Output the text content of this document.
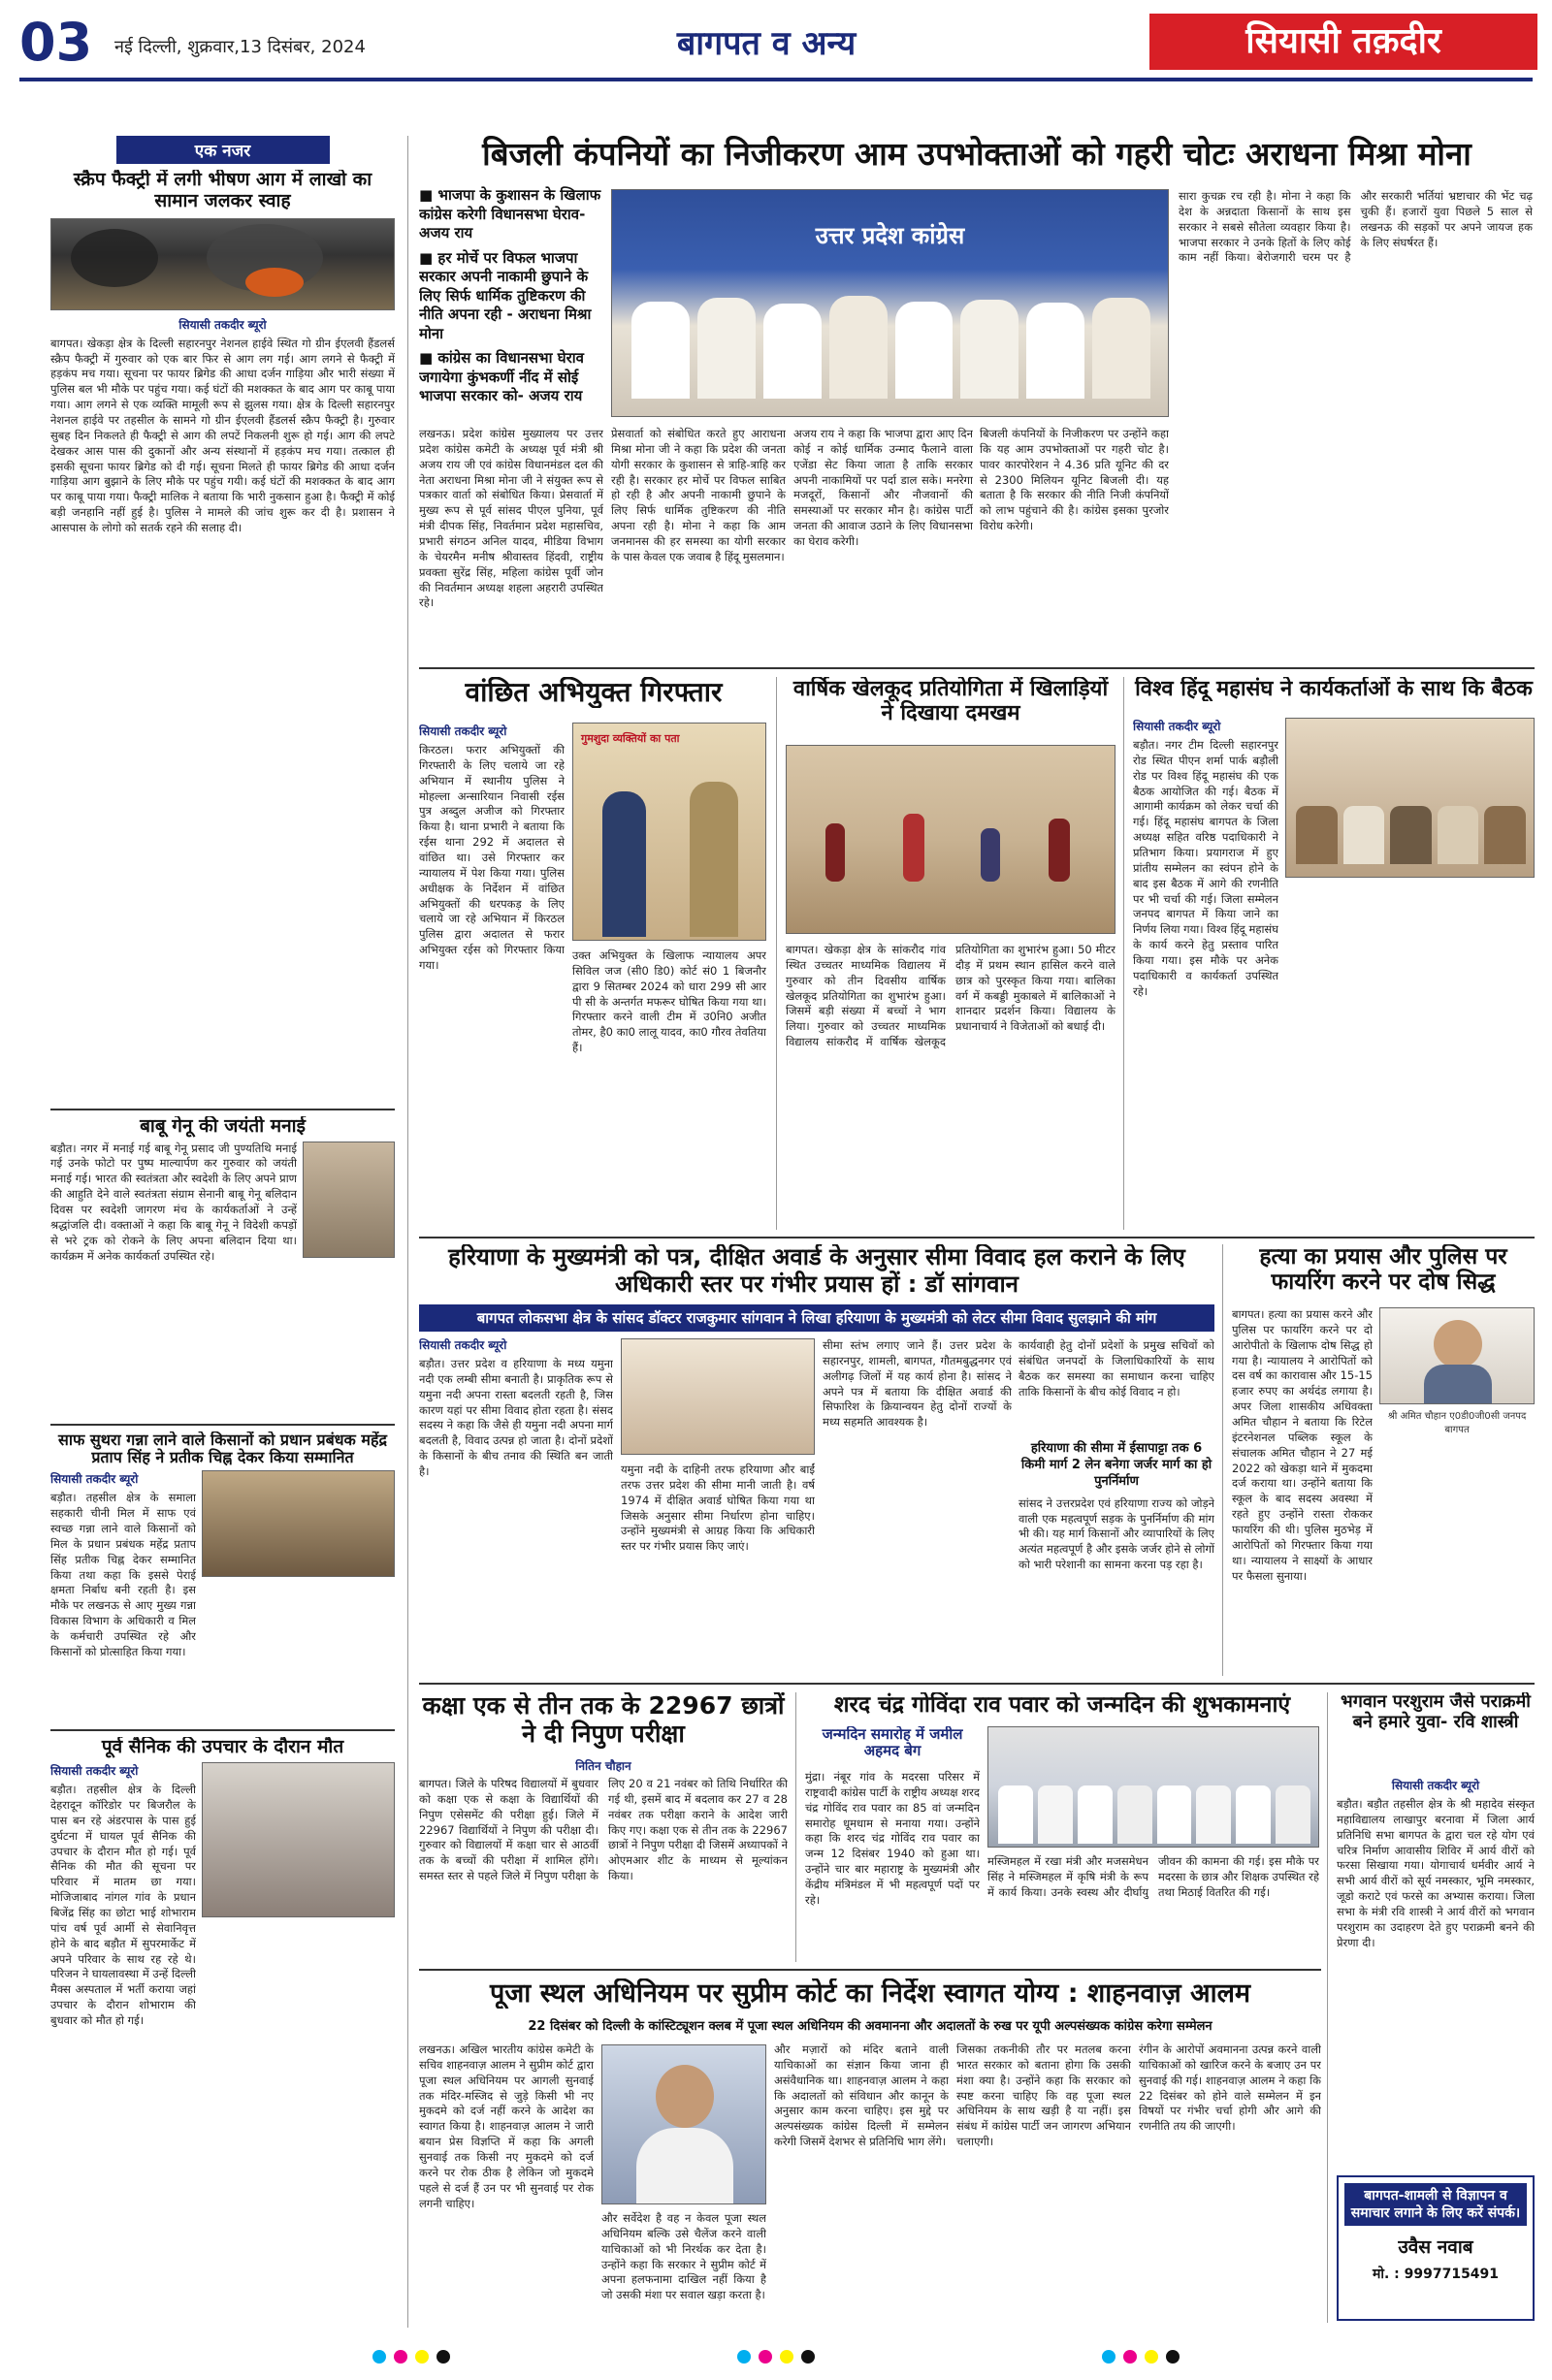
03	नई दिल्ली, शुक्रवार,13 दिसंबर, 2024	बागपत व अन्य	सियासी तक़दीर
एक नजर
स्क्रैप फैक्ट्री में लगी भीषण आग में लाखो का सामान जलकर स्वाह
सियासी तकदीर ब्यूरो
बागपत। खेकड़ा क्षेत्र के दिल्ली सहारनपुर नेशनल हाईवे स्थित गो ग्रीन ईएलवी हैंडलर्स स्क्रैप फैक्ट्री में गुरुवार को एक बार फिर से आग लग गई। आग लगने से फैक्ट्री में हड़कंप मच गया। सूचना पर फायर ब्रिगेड की आधा दर्जन गाड़िया और भारी संख्या में पुलिस बल भी मौके पर पहुंच गया। कई घंटों की मशक्कत के बाद आग पर काबू पाया गया। आग लगने से एक व्यक्ति मामूली रूप से झुलस गया। क्षेत्र के दिल्ली सहारनपुर नेशनल हाईवे पर तहसील के सामने गो ग्रीन ईएलवी हैंडलर्स स्क्रैप फैक्ट्री है। गुरुवार सुबह दिन निकलते ही फैक्ट्री से आग की लपटें निकलनी शुरू हो गई। आग की लपटे देखकर आस पास की दुकानों और अन्य संस्थानों में हड़कंप मच गया। तत्काल ही इसकी सूचना फायर ब्रिगेड को दी गई। सूचना मिलते ही फायर ब्रिगेड की आधा दर्जन गाड़िया आग बुझाने के लिए मौके पर पहुंच गयी। कई घंटों की मशक्कत के बाद आग पर काबू पाया गया। फैक्ट्री मालिक ने बताया कि भारी नुकसान हुआ है। फैक्ट्री में कोई बड़ी जनहानि नहीं हुई है। पुलिस ने मामले की जांच शुरू कर दी है। प्रशासन ने आसपास के लोगो को सतर्क रहने की सलाह दी।
बाबू गेनू की जयंती मनाई
बड़ौत। नगर में मनाई गई बाबू गेनू प्रसाद जी पुण्यतिथि मनाई गई उनके फोटो पर पुष्प माल्यार्पण कर गुरुवार को जयंती मनाई गई। भारत की स्वतंत्रता और स्वदेशी के लिए अपने प्राण की आहुति देने वाले स्वतंत्रता संग्राम सेनानी बाबू गेनू बलिदान दिवस पर स्वदेशी जागरण मंच के कार्यकर्ताओं ने उन्हें श्रद्धांजलि दी। वक्ताओं ने कहा कि बाबू गेनू ने विदेशी कपड़ों से भरे ट्रक को रोकने के लिए अपना बलिदान दिया था। कार्यक्रम में अनेक कार्यकर्ता उपस्थित रहे।
साफ सुथरा गन्ना लाने वाले किसानों को प्रधान प्रबंधक महेंद्र प्रताप सिंह ने प्रतीक चिह्न देकर किया सम्मानित
सियासी तकदीर ब्यूरो
बड़ौत। तहसील क्षेत्र के समाला सहकारी चीनी मिल में साफ एवं स्वच्छ गन्ना लाने वाले किसानों को मिल के प्रधान प्रबंधक महेंद्र प्रताप सिंह प्रतीक चिह्न देकर सम्मानित किया तथा कहा कि इससे पेराई क्षमता निर्बाध बनी रहती है। इस मौके पर लखनऊ से आए मुख्य गन्ना विकास विभाग के अधिकारी व मिल के कर्मचारी उपस्थित रहे और किसानों को प्रोत्साहित किया गया।
पूर्व सैनिक की उपचार के दौरान मौत
सियासी तकदीर ब्यूरो
बड़ौत। तहसील क्षेत्र के दिल्ली देहरादून कॉरिडोर पर बिजरौल के पास बन रहे अंडरपास के पास हुई दुर्घटना में घायल पूर्व सैनिक की उपचार के दौरान मौत हो गई। पूर्व सैनिक की मौत की सूचना पर परिवार में मातम छा गया। मोजिजाबाद नांगल गांव के प्रधान बिजेंद्र सिंह का छोटा भाई शोभाराम पांच वर्ष पूर्व आर्मी से सेवानिवृत्त होने के बाद बड़ौत में सुपरमार्केट में अपने परिवार के साथ रह रहे थे। परिजन ने घायलावस्था में उन्हें दिल्ली मैक्स अस्पताल में भर्ती कराया जहां उपचार के दौरान शोभाराम की बुधवार को मौत हो गई।
बिजली कंपनियों का निजीकरण आम उपभोक्ताओं को गहरी चोटः अराधना मिश्रा मोना
■ भाजपा के कुशासन के खिलाफ कांग्रेस करेगी विधानसभा घेराव- अजय राय
■ हर मोर्चे पर विफल भाजपा सरकार अपनी नाकामी छुपाने के लिए सिर्फ धार्मिक तुष्टिकरण की नीति अपना रही - अराधना मिश्रा मोना
■ कांग्रेस का विधानसभा घेराव जगायेगा कुंभकर्णी नींद में सोई भाजपा सरकार को- अजय राय
उत्तर प्रदेश कांग्रेस
लखनऊ। प्रदेश कांग्रेस मुख्यालय पर उत्तर प्रदेश कांग्रेस कमेटी के अध्यक्ष पूर्व मंत्री श्री अजय राय जी एवं कांग्रेस विधानमंडल दल की नेता अराधना मिश्रा मोना जी ने संयुक्त रूप से पत्रकार वार्ता को संबोधित किया। प्रेसवार्ता में मुख्य रूप से पूर्व सांसद पीएल पुनिया, पूर्व मंत्री दीपक सिंह, निवर्तमान प्रदेश महासचिव, प्रभारी संगठन अनिल यादव, मीडिया विभाग के चेयरमैन मनीष श्रीवास्तव हिंदवी, राष्ट्रीय प्रवक्ता सुरेंद्र सिंह, महिला कांग्रेस पूर्वी जोन की निवर्तमान अध्यक्ष शहला अहरारी उपस्थित रहे।
प्रेसवार्ता को संबोधित करते हुए आराधना मिश्रा मोना जी ने कहा कि प्रदेश की जनता योगी सरकार के कुशासन से त्राहि-त्राहि कर रही है। सरकार हर मोर्चे पर विफल साबित हो रही है और अपनी नाकामी छुपाने के लिए सिर्फ धार्मिक तुष्टिकरण की नीति अपना रही है। मोना ने कहा कि आम जनमानस की हर समस्या का योगी सरकार के पास केवल एक जवाब है हिंदू मुसलमान।
अजय राय ने कहा कि भाजपा द्वारा आए दिन कोई न कोई धार्मिक उन्माद फैलाने वाला एजेंडा सेट किया जाता है ताकि सरकार अपनी नाकामियों पर पर्दा डाल सके। मनरेगा मजदूरों, किसानों और नौजवानों की समस्याओं पर सरकार मौन है। कांग्रेस पार्टी जनता की आवाज उठाने के लिए विधानसभा का घेराव करेगी।
बिजली कंपनियों के निजीकरण पर उन्होंने कहा कि यह आम उपभोक्ताओं पर गहरी चोट है। पावर कारपोरेशन ने 4.36 प्रति यूनिट की दर से 2300 मिलियन यूनिट बिजली दी। यह बताता है कि सरकार की नीति निजी कंपनियों को लाभ पहुंचाने की है। कांग्रेस इसका पुरजोर विरोध करेगी।
सारा कुचक्र रच रही है। मोना ने कहा कि देश के अन्नदाता किसानों के साथ इस सरकार ने सबसे सौतेला व्यवहार किया है। भाजपा सरकार ने उनके हितों के लिए कोई काम नहीं किया। बेरोजगारी चरम पर है और सरकारी भर्तियां भ्रष्टाचार की भेंट चढ़ चुकी हैं। हजारों युवा पिछले 5 साल से लखनऊ की सड़कों पर अपने जायज हक के लिए संघर्षरत हैं।
वांछित अभियुक्त गिरफ्तार
सियासी तकदीर ब्यूरो
किरठल। फरार अभियुक्तों की गिरफ्तारी के लिए चलाये जा रहे अभियान में स्थानीय पुलिस ने मोहल्ला अन्सारियान निवासी रईस पुत्र अब्दुल अजीज को गिरफ्तार किया है। थाना प्रभारी ने बताया कि रईस थाना 292 में अदालत से वांछित था। उसे गिरफ्तार कर न्यायालय में पेश किया गया। पुलिस अधीक्षक के निर्देशन में वांछित अभियुक्तों की धरपकड़ के लिए चलाये जा रहे अभियान में किरठल पुलिस द्वारा अदालत से फरार अभियुक्त रईस को गिरफ्तार किया गया।
गुमशुदा व्यक्तियों का पता
उक्त अभियुक्त के खिलाफ न्यायालय अपर सिविल जज (सी0 डि0) कोर्ट सं0 1 बिजनौर द्वारा 9 सितम्बर 2024 को धारा 299 सी आर पी सी के अन्तर्गत मफरूर घोषित किया गया था। गिरफ्तार करने वाली टीम में उ0नि0 अजीत तोमर, है0 का0 लालू यादव, का0 गौरव तेवतिया हैं।
वार्षिक खेलकूद प्रतियोगिता में खिलाड़ियों ने दिखाया दमखम
बागपत। खेकड़ा क्षेत्र के सांकरौद गांव स्थित उच्चतर माध्यमिक विद्यालय में गुरुवार को तीन दिवसीय वार्षिक खेलकूद प्रतियोगिता का शुभारंभ हुआ। जिसमें बड़ी संख्या में बच्चों ने भाग लिया। गुरुवार को उच्चतर माध्यमिक विद्यालय सांकरौद में वार्षिक खेलकूद प्रतियोगिता का शुभारंभ हुआ। 50 मीटर दौड़ में प्रथम स्थान हासिल करने वाले छात्र को पुरस्कृत किया गया। बालिका वर्ग में कबड्डी मुकाबले में बालिकाओं ने शानदार प्रदर्शन किया। विद्यालय के प्रधानाचार्य ने विजेताओं को बधाई दी।
विश्व हिंदू महासंघ ने कार्यकर्ताओं के साथ कि बैठक
सियासी तकदीर ब्यूरो
बड़ौत। नगर टीम दिल्ली सहारनपुर रोड स्थित पीएन शर्मा पार्क बड़ौली रोड पर विश्व हिंदू महासंघ की एक बैठक आयोजित की गई। बैठक में आगामी कार्यक्रम को लेकर चर्चा की गई। हिंदू महासंघ बागपत के जिला अध्यक्ष सहित वरिष्ठ पदाधिकारी ने प्रतिभाग किया। प्रयागराज में हुए प्रांतीय सम्मेलन का स्वंपन होने के बाद इस बैठक में आगे की रणनीति पर भी चर्चा की गई। जिला सम्मेलन जनपद बागपत में किया जाने का निर्णय लिया गया। विश्व हिंदू महासंघ के कार्य करने हेतु प्रस्ताव पारित किया गया। इस मौके पर अनेक पदाधिकारी व कार्यकर्ता उपस्थित रहे।
हरियाणा के मुख्यमंत्री को पत्र, दीक्षित अवार्ड के अनुसार सीमा विवाद हल कराने के लिए अधिकारी स्तर पर गंभीर प्रयास हों : डॉ सांगवान
बागपत लोकसभा क्षेत्र के सांसद डॉक्टर राजकुमार सांगवान ने लिखा हरियाणा के मुख्यमंत्री को लेटर सीमा विवाद सुलझाने की मांग
सियासी तकदीर ब्यूरो
बड़ौत। उत्तर प्रदेश व हरियाणा के मध्य यमुना नदी एक लम्बी सीमा बनाती है। प्राकृतिक रूप से यमुना नदी अपना रास्ता बदलती रहती है, जिस कारण यहां पर सीमा विवाद होता रहता है। संसद सदस्य ने कहा कि जैसे ही यमुना नदी अपना मार्ग बदलती है, विवाद उत्पन्न हो जाता है। दोनों प्रदेशों के किसानों के बीच तनाव की स्थिति बन जाती है।	यमुना नदी के दाहिनी तरफ हरियाणा और बाईं तरफ उत्तर प्रदेश की सीमा मानी जाती है। वर्ष 1974 में दीक्षित अवार्ड घोषित किया गया था जिसके अनुसार सीमा निर्धारण होना चाहिए। उन्होंने मुख्यमंत्री से आग्रह किया कि अधिकारी स्तर पर गंभीर प्रयास किए जाएं।
सीमा स्तंभ लगाए जाने हैं। उत्तर प्रदेश के सहारनपुर, शामली, बागपत, गौतमबुद्धनगर एवं अलीगढ़ जिलों में यह कार्य होना है। सांसद ने अपने पत्र में बताया कि दीक्षित अवार्ड की सिफारिश के क्रियान्वयन हेतु दोनों राज्यों के मध्य सहमति आवश्यक है।
कार्यवाही हेतु दोनों प्रदेशों के प्रमुख सचिवों को संबंधित जनपदों के जिलाधिकारियों के साथ बैठक कर समस्या का समाधान करना चाहिए ताकि किसानों के बीच कोई विवाद न हो।
हरियाणा की सीमा में ईसापाट्टा तक 6 किमी मार्ग 2 लेन बनेगा जर्जर मार्ग का हो पुनर्निर्माण
सांसद ने उत्तरप्रदेश एवं हरियाणा राज्य को जोड़ने वाली एक महत्वपूर्ण सड़क के पुनर्निर्माण की मांग भी की। यह मार्ग किसानों और व्यापारियों के लिए अत्यंत महत्वपूर्ण है और इसके जर्जर होने से लोगों को भारी परेशानी का सामना करना पड़ रहा है।
हत्या का प्रयास और पुलिस पर फायरिंग करने पर दोष सिद्ध
बागपत। हत्या का प्रयास करने और पुलिस पर फायरिंग करने पर दो आरोपीतो के खिलाफ दोष सिद्ध हो गया है। न्यायालय ने आरोपितों को दस वर्ष का कारावास और 15-15 हजार रुपए का अर्थदंड लगाया है। अपर जिला शासकीय अधिवक्ता अमित चौहान ने बताया कि रिटेल इंटरनेशनल पब्लिक स्कूल के संचालक अमित चौहान ने 27 मई 2022 को खेकड़ा थाने में मुकदमा दर्ज कराया था। उन्होंने बताया कि स्कूल के बाद सदस्य अवस्था में रहते हुए उन्होंने रास्ता रोककर फायरिंग की थी। पुलिस मुठभेड़ में आरोपितों को गिरफ्तार किया गया था। न्यायालय ने साक्ष्यों के आधार पर फैसला सुनाया।
श्री अमित चौहान ए0डी0जी0सी जनपद बागपत
कक्षा एक से तीन तक के 22967 छात्रों ने दी निपुण परीक्षा
नितिन चौहान
बागपत। जिले के परिषद विद्यालयों में बुधवार को कक्षा एक से कक्षा के विद्यार्थियों की निपुण एसेसमेंट की परीक्षा हुई। जिले में 22967 विद्यार्थियों ने निपुण की परीक्षा दी। गुरुवार को विद्यालयों में कक्षा चार से आठवीं तक के बच्चों की परीक्षा में शामिल होंगे। समस्त स्तर से पहले जिले में निपुण परीक्षा के लिए 20 व 21 नवंबर को तिथि निर्धारित की गई थी, इसमें बाद में बदलाव कर 27 व 28 नवंबर तक परीक्षा कराने के आदेश जारी किए गए। कक्षा एक से तीन तक के 22967 छात्रों ने निपुण परीक्षा दी जिसमें अध्यापकों ने ओएमआर शीट के माध्यम से मूल्यांकन किया।
शरद चंद्र गोविंदा राव पवार को जन्मदिन की शुभकामनाएं
जन्मदिन समारोह में जमील अहमद बेग
मुंद्रा। नंबूर गांव के मदरसा परिसर में राष्ट्रवादी कांग्रेस पार्टी के राष्ट्रीय अध्यक्ष शरद चंद्र गोविंद राव पवार का 85 वां जन्मदिन समारोह धूमधाम से मनाया गया। उन्होंने कहा कि शरद चंद्र गोविंद राव पवार का जन्म 12 दिसंबर 1940 को हुआ था। उन्होंने चार बार महाराष्ट्र के मुख्यमंत्री और केंद्रीय मंत्रिमंडल में भी महत्वपूर्ण पदों पर रहे।
मस्जिमहल में रखा मंत्री और मजसमेधन सिंह ने मस्जिमहल में कृषि मंत्री के रूप में कार्य किया। उनके स्वस्थ और दीर्घायु जीवन की कामना की गई। इस मौके पर मदरसा के छात्र और शिक्षक उपस्थित रहे तथा मिठाई वितरित की गई।
भगवान परशुराम जैसे पराक्रमी बने हमारे युवा- रवि शास्त्री
सियासी तकदीर ब्यूरो
बड़ौत। बड़ौत तहसील क्षेत्र के श्री महादेव संस्कृत महाविद्यालय लाखापुर बरनावा में जिला आर्य प्रतिनिधि सभा बागपत के द्वारा चल रहे योग एवं चरित्र निर्माण आवासीय शिविर में आर्य वीरों को फरसा सिखाया गया। योगाचार्य धर्मवीर आर्य ने सभी आर्य वीरों को सूर्य नमस्कार, भूमि नमस्कार, जूडो कराटे एवं फरसे का अभ्यास कराया। जिला सभा के मंत्री रवि शास्त्री ने आर्य वीरों को भगवान परशुराम का उदाहरण देते हुए पराक्रमी बनने की प्रेरणा दी।
बागपत-शामली से विज्ञापन व समाचार लगाने के लिए करें संपर्क।
उवैस नवाब
मो. : 9997715491
पूजा स्थल अधिनियम पर सुप्रीम कोर्ट का निर्देश स्वागत योग्य : शाहनवाज़ आलम
22 दिसंबर को दिल्ली के कांस्टिट्यूशन क्लब में पूजा स्थल अधिनियम की अवमानना और अदालतों के रुख पर यूपी अल्पसंख्यक कांग्रेस करेगा सम्मेलन
लखनऊ। अखिल भारतीय कांग्रेस कमेटी के सचिव शाहनवाज़ आलम ने सुप्रीम कोर्ट द्वारा पूजा स्थल अधिनियम पर आगली सुनवाई तक मंदिर-मस्जिद से जुड़े किसी भी नए मुकदमे को दर्ज नहीं करने के आदेश का स्वागत किया है। शाहनवाज़ आलम ने जारी बयान प्रेस विज्ञप्ति में कहा कि अगली सुनवाई तक किसी नए मुकदमे को दर्ज करने पर रोक ठीक है लेकिन जो मुकदमे पहले से दर्ज हैं उन पर भी सुनवाई पर रोक लगनी चाहिए।
और सर्वेदेश है वह न केवल पूजा स्थल अधिनियम बल्कि उसे चैलेंज करने वाली याचिकाओं को भी निरर्थक कर देता है। उन्होंने कहा कि सरकार ने सुप्रीम कोर्ट में अपना हलफनामा दाखिल नहीं किया है जो उसकी मंशा पर सवाल खड़ा करता है।
और मज़ारों को मंदिर बताने वाली याचिकाओं का संज्ञान किया जाना ही असंवैधानिक था। शाहनवाज़ आलम ने कहा कि अदालतों को संविधान और कानून के अनुसार काम करना चाहिए। इस मुद्दे पर अल्पसंख्यक कांग्रेस दिल्ली में सम्मेलन करेगी जिसमें देशभर से प्रतिनिधि भाग लेंगे।
जिसका तकनीकी तौर पर मतलब करना भारत सरकार को बताना होगा कि उसकी मंशा क्या है। उन्होंने कहा कि सरकार को स्पष्ट करना चाहिए कि वह पूजा स्थल अधिनियम के साथ खड़ी है या नहीं। इस संबंध में कांग्रेस पार्टी जन जागरण अभियान चलाएगी।
रंगीन के आरोपों अवमानना उत्पन्न करने वाली याचिकाओं को खारिज करने के बजाए उन पर सुनवाई की गई। शाहनवाज़ आलम ने कहा कि 22 दिसंबर को होने वाले सम्मेलन में इन विषयों पर गंभीर चर्चा होगी और आगे की रणनीति तय की जाएगी।
